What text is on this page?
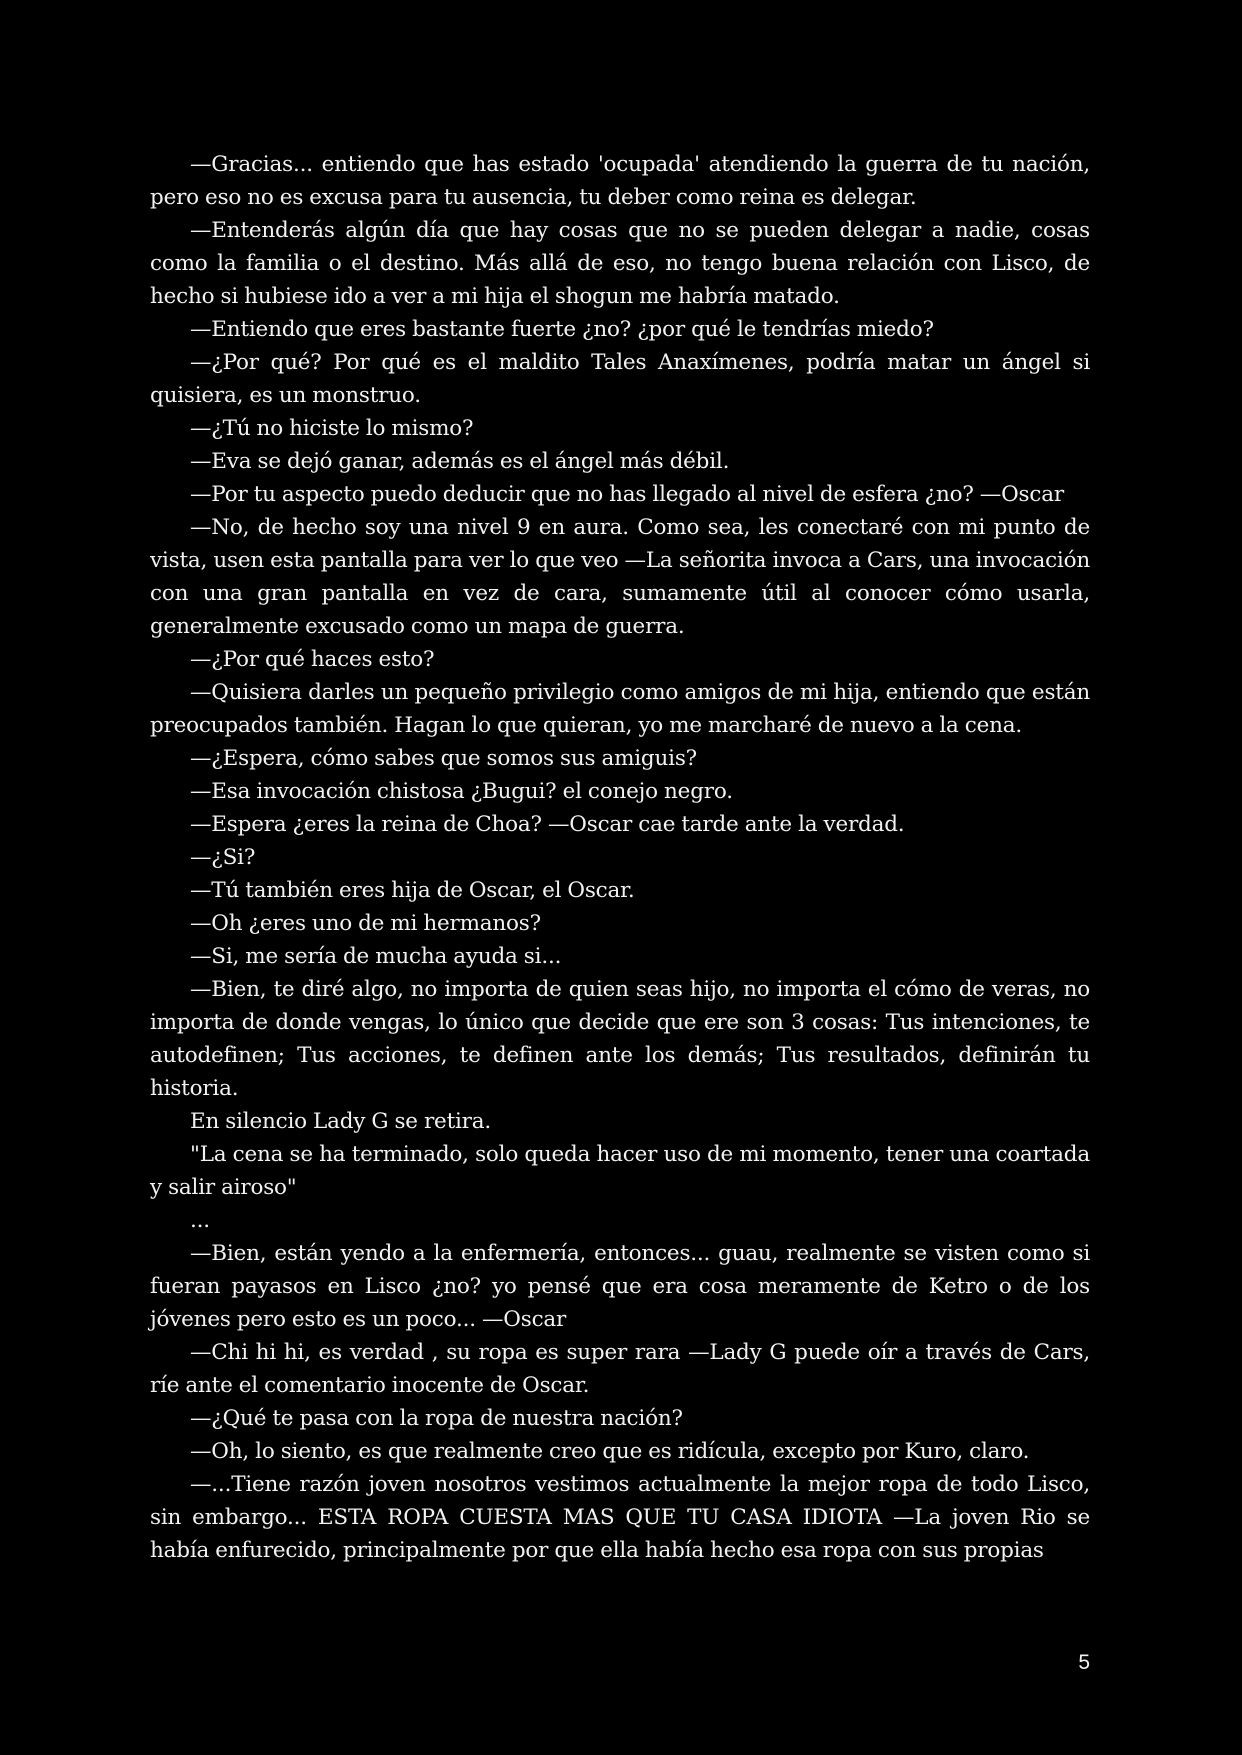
—Gracias... entiendo que has estado 'ocupada' atendiendo la guerra de tu nación, pero eso no es excusa para tu ausencia, tu deber como reina es delegar.

—Entenderás algún día que hay cosas que no se pueden delegar a nadie, cosas como la familia o el destino. Más allá de eso, no tengo buena relación con Lisco, de hecho si hubiese ido a ver a mi hija el shogun me habría matado.

—Entiendo que eres bastante fuerte ¿no? ¿por qué le tendrías miedo?

—¿Por qué? Por qué es el maldito Tales Anaxímenes, podría matar un ángel si quisiera, es un monstruo.

—¿Tú no hiciste lo mismo?

—Eva se dejó ganar, además es el ángel más débil.

—Por tu aspecto puedo deducir que no has llegado al nivel de esfera ¿no? —Oscar

—No, de hecho soy una nivel 9 en aura. Como sea, les conectaré con mi punto de vista, usen esta pantalla para ver lo que veo —La señorita invoca a Cars, una invocación con una gran pantalla en vez de cara, sumamente útil al conocer cómo usarla, generalmente excusado como un mapa de guerra.

—¿Por qué haces esto?

—Quisiera darles un pequeño privilegio como amigos de mi hija, entiendo que están preocupados también. Hagan lo que quieran, yo me marcharé de nuevo a la cena.

—¿Espera, cómo sabes que somos sus amiguis?

—Esa invocación chistosa ¿Bugui? el conejo negro.

—Espera ¿eres la reina de Choa? —Oscar cae tarde ante la verdad.

—¿Si?

—Tú también eres hija de Oscar, el Oscar.

—Oh ¿eres uno de mi hermanos?

—Si, me sería de mucha ayuda si...

—Bien, te diré algo, no importa de quien seas hijo, no importa el cómo de veras, no importa de donde vengas, lo único que decide que ere son 3 cosas: Tus intenciones, te autodefinen; Tus acciones, te definen ante los demás; Tus resultados, definirán tu historia.

En silencio Lady G se retira.

"La cena se ha terminado, solo queda hacer uso de mi momento, tener una coartada y salir airoso"

...

—Bien, están yendo a la enfermería, entonces... guau, realmente se visten como si fueran payasos en Lisco ¿no? yo pensé que era cosa meramente de Ketro o de los jóvenes pero esto es un poco... —Oscar

—Chi hi hi, es verdad , su ropa es super rara —Lady G puede oír a través de Cars, ríe ante el comentario inocente de Oscar.

—¿Qué te pasa con la ropa de nuestra nación?

—Oh, lo siento, es que realmente creo que es ridícula, excepto por Kuro, claro.

—...Tiene razón joven nosotros vestimos actualmente la mejor ropa de todo Lisco, sin embargo... ESTA ROPA CUESTA MAS QUE TU CASA IDIOTA —La joven Rio se había enfurecido, principalmente por que ella había hecho esa ropa con sus propias

5
